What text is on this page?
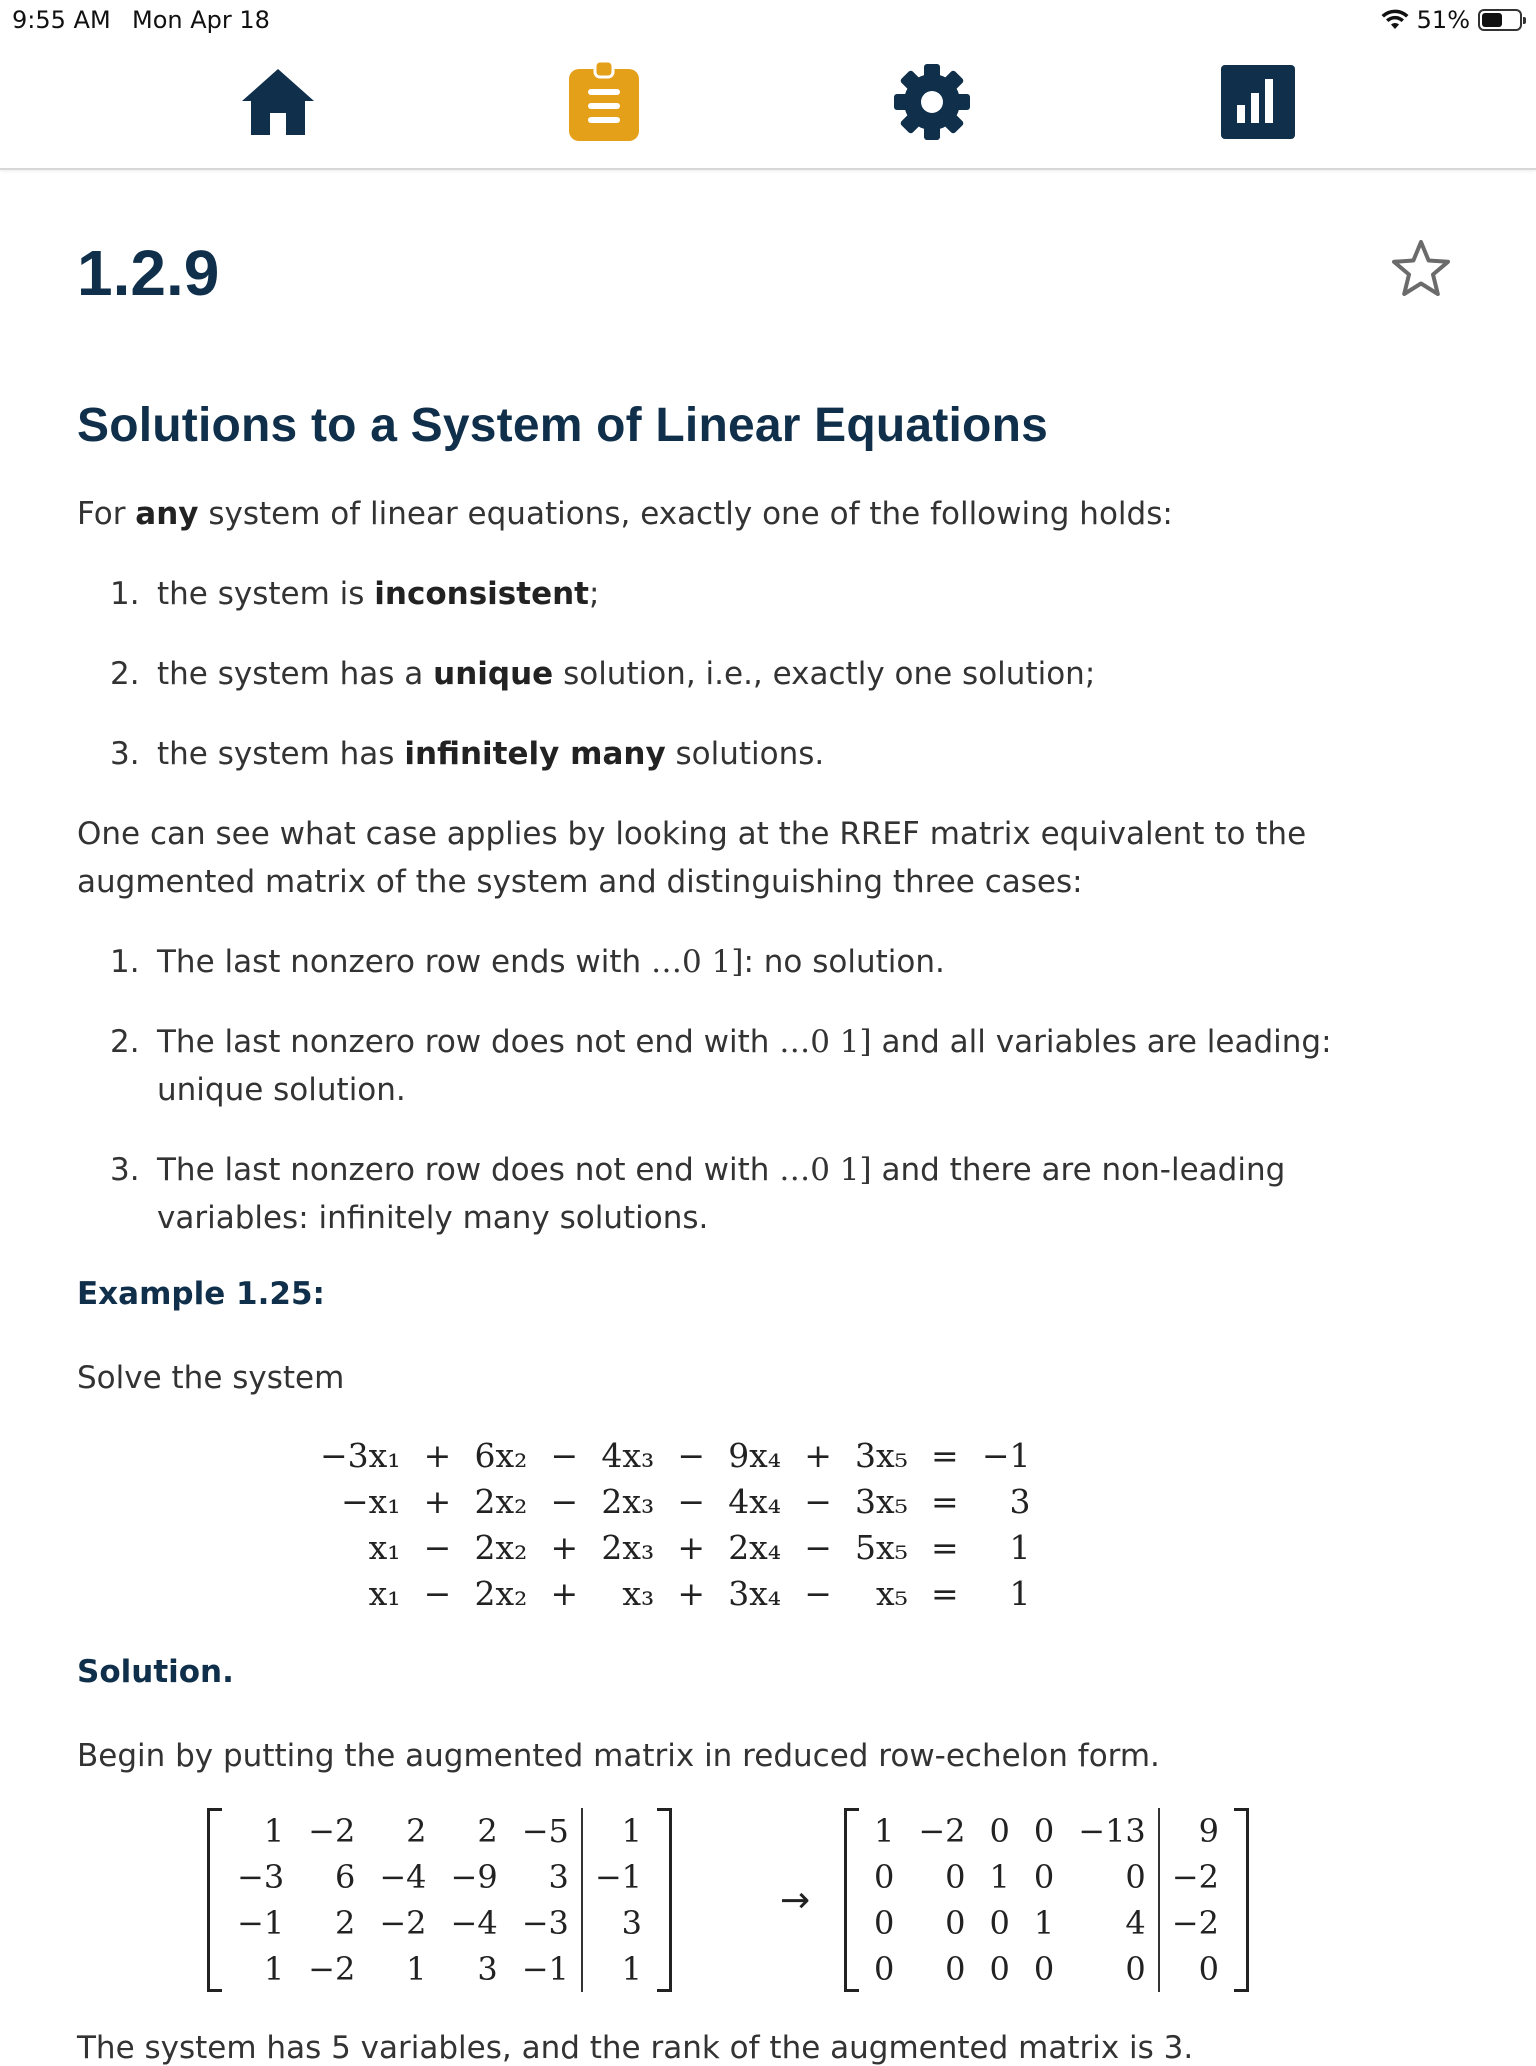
9:55 AM Mon Apr 18	51%
1.2.9
Solutions to a System of Linear Equations

For any system of linear equations, exactly one of the following holds:

1. the system is inconsistent;
2. the system has a unique solution, i.e., exactly one solution;
3. the system has infinitely many solutions.

One can see what case applies by looking at the RREF matrix equivalent to the augmented matrix of the system and distinguishing three cases:

1. The last nonzero row ends with …0 1]: no solution.
2. The last nonzero row does not end with …0 1] and all variables are leading: unique solution.
3. The last nonzero row does not end with …0 1] and there are non-leading variables: infinitely many solutions.
Example 1.25:

Solve the system

−3x₁	+	6x₂	−	4x₃	−	9x₄	+	3x₅	=	−1
−x₁	+	2x₂	−	2x₃	−	4x₄	−	3x₅	=	3
x₁	−	2x₂	+	2x₃	+	2x₄	−	5x₅	=	1
x₁	−	2x₂	+	x₃	+	3x₄	−	x₅	=	1
Solution.

Begin by putting the augmented matrix in reduced row-echelon form.

1	−2	2	2	−5	1
−3	6	−4	−9	3	−1
−1	2	−2	−4	−3	3
1	−2	1	3	−1	1
→
1	−2	0	0	−13	9
0	0	1	0	0	−2
0	0	0	1	4	−2
0	0	0	0	0	0
The system has 5 variables, and the rank of the augmented matrix is 3.
